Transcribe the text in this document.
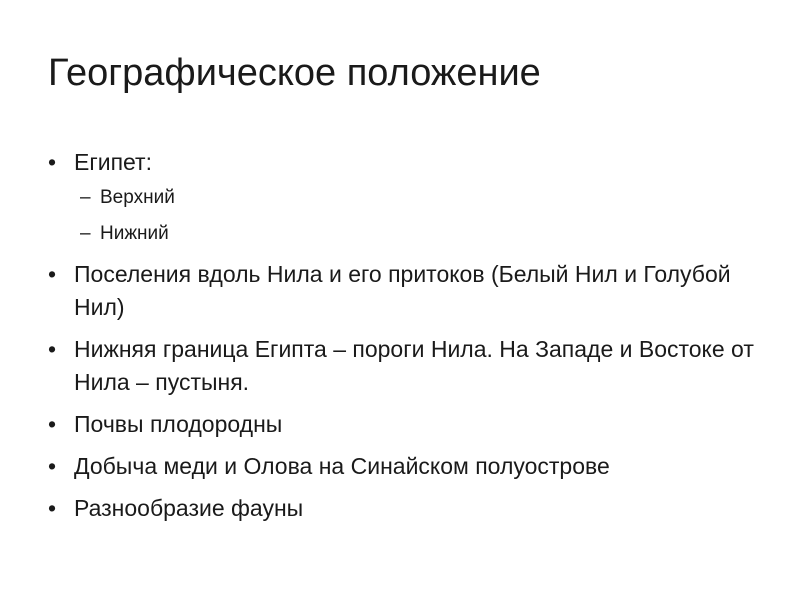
Географическое положение
• Египет:
– Верхний
– Нижний
• Поселения вдоль Нила и его притоков (Белый Нил и Голубой Нил)
• Нижняя граница Египта – пороги Нила. На Западе и Востоке от Нила – пустыня.
• Почвы плодородны
• Добыча меди и Олова на Синайском полуострове
• Разнообразие фауны
